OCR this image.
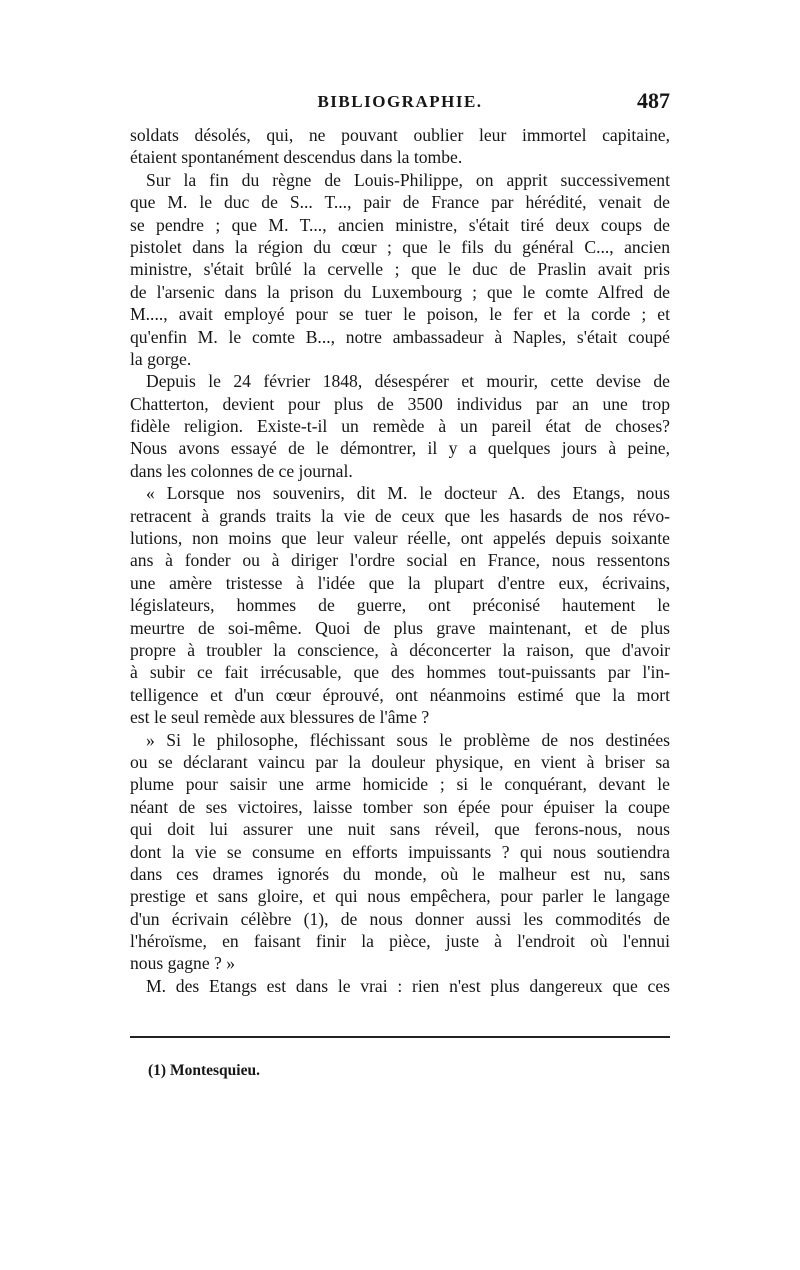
BIBLIOGRAPHIE.	487
soldats désolés, qui, ne pouvant oublier leur immortel capitaine,
étaient spontanément descendus dans la tombe.
Sur la fin du règne de Louis-Philippe, on apprit successivement
que M. le duc de S... T..., pair de France par hérédité, venait de
se pendre ; que M. T..., ancien ministre, s'était tiré deux coups de
pistolet dans la région du cœur ; que le fils du général C..., ancien
ministre, s'était brûlé la cervelle ; que le duc de Praslin avait pris
de l'arsenic dans la prison du Luxembourg ; que le comte Alfred de
M...., avait employé pour se tuer le poison, le fer et la corde ; et
qu'enfin M. le comte B..., notre ambassadeur à Naples, s'était coupé
la gorge.
Depuis le 24 février 1848, désespérer et mourir, cette devise de
Chatterton, devient pour plus de 3500 individus par an une trop
fidèle religion. Existe-t-il un remède à un pareil état de choses?
Nous avons essayé de le démontrer, il y a quelques jours à peine,
dans les colonnes de ce journal.
« Lorsque nos souvenirs, dit M. le docteur A. des Etangs, nous
retracent à grands traits la vie de ceux que les hasards de nos révo-
lutions, non moins que leur valeur réelle, ont appelés depuis soixante
ans à fonder ou à diriger l'ordre social en France, nous ressentons
une amère tristesse à l'idée que la plupart d'entre eux, écrivains,
législateurs, hommes de guerre, ont préconisé hautement le
meurtre de soi-même. Quoi de plus grave maintenant, et de plus
propre à troubler la conscience, à déconcerter la raison, que d'avoir
à subir ce fait irrécusable, que des hommes tout-puissants par l'in-
telligence et d'un cœur éprouvé, ont néanmoins estimé que la mort
est le seul remède aux blessures de l'âme ?
» Si le philosophe, fléchissant sous le problème de nos destinées
ou se déclarant vaincu par la douleur physique, en vient à briser sa
plume pour saisir une arme homicide ; si le conquérant, devant le
néant de ses victoires, laisse tomber son épée pour épuiser la coupe
qui doit lui assurer une nuit sans réveil, que ferons-nous, nous
dont la vie se consume en efforts impuissants ? qui nous soutiendra
dans ces drames ignorés du monde, où le malheur est nu, sans
prestige et sans gloire, et qui nous empêchera, pour parler le langage
d'un écrivain célèbre (1), de nous donner aussi les commodités de
l'héroïsme, en faisant finir la pièce, juste à l'endroit où l'ennui
nous gagne ? »
M. des Etangs est dans le vrai : rien n'est plus dangereux que ces
(1) Montesquieu.
